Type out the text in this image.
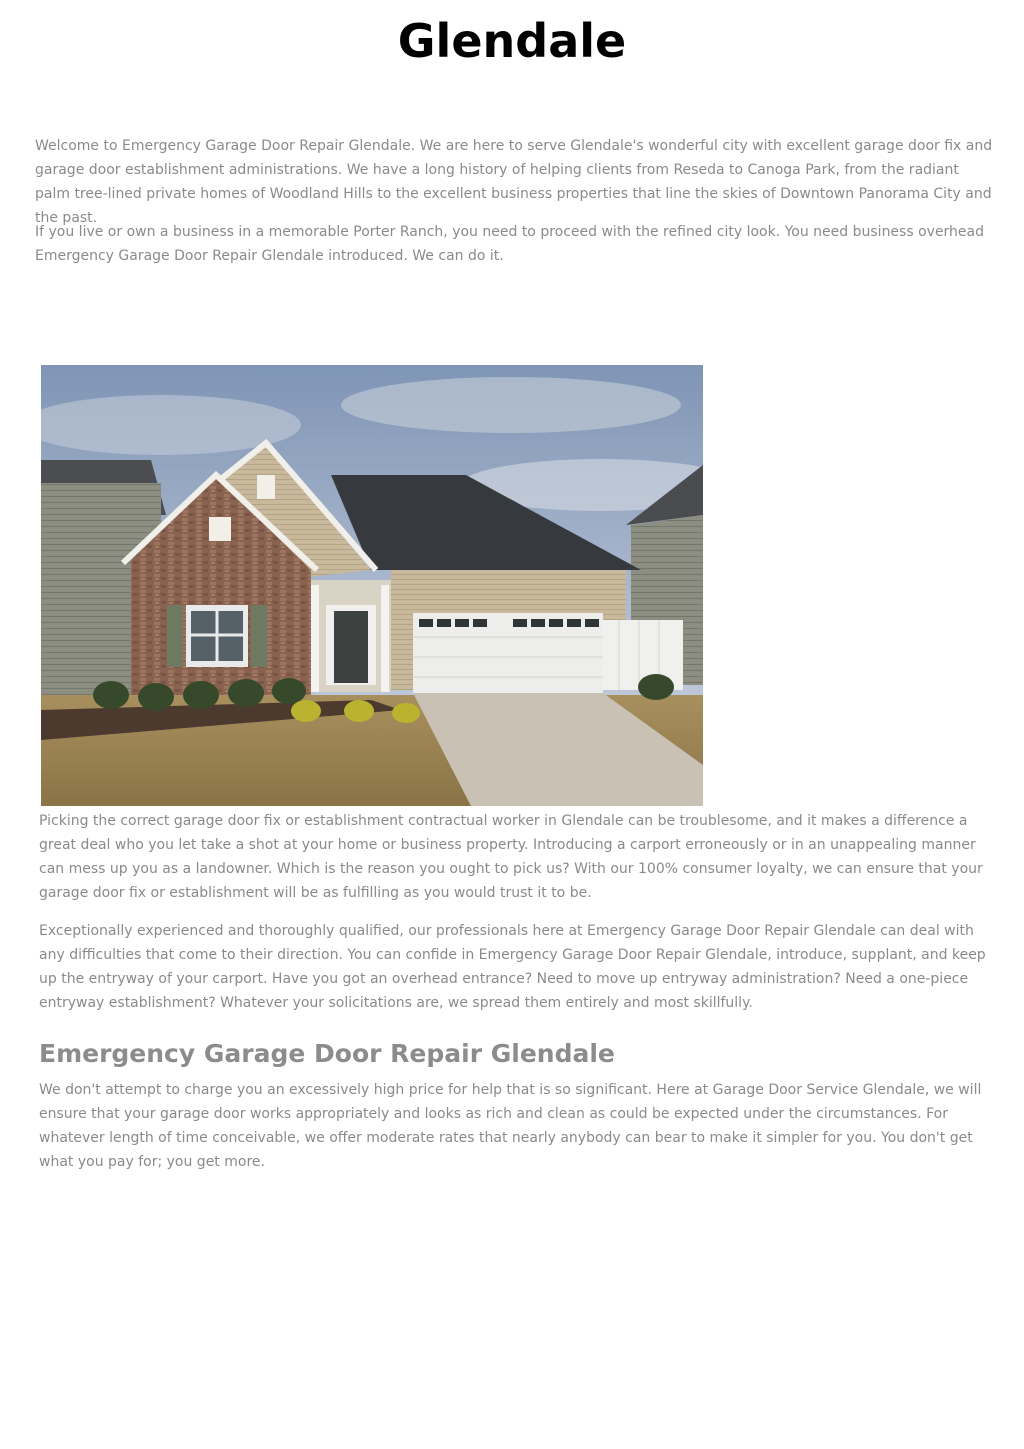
Glendale

Welcome to Emergency Garage Door Repair Glendale. We are here to serve Glendale's wonderful city with excellent garage door fix and garage door establishment administrations. We have a long history of helping clients from Reseda to Canoga Park, from the radiant palm tree-lined private homes of Woodland Hills to the excellent business properties that line the skies of Downtown Panorama City and the past.

If you live or own a business in a memorable Porter Ranch, you need to proceed with the refined city look. You need business overhead Emergency Garage Door Repair Glendale introduced. We can do it.

Picking the correct garage door fix or establishment contractual worker in Glendale can be troublesome, and it makes a difference a great deal who you let take a shot at your home or business property. Introducing a carport erroneously or in an unappealing manner can mess up you as a landowner. Which is the reason you ought to pick us? With our 100% consumer loyalty, we can ensure that your garage door fix or establishment will be as fulfilling as you would trust it to be.

Exceptionally experienced and thoroughly qualified, our professionals here at Emergency Garage Door Repair Glendale can deal with any difficulties that come to their direction. You can confide in Emergency Garage Door Repair Glendale, introduce, supplant, and keep up the entryway of your carport. Have you got an overhead entrance? Need to move up entryway administration? Need a one-piece entryway establishment? Whatever your solicitations are, we spread them entirely and most skillfully.

Emergency Garage Door Repair Glendale

We don't attempt to charge you an excessively high price for help that is so significant. Here at Garage Door Service Glendale, we will ensure that your garage door works appropriately and looks as rich and clean as could be expected under the circumstances. For whatever length of time conceivable, we offer moderate rates that nearly anybody can bear to make it simpler for you. You don't get what you pay for; you get more.
